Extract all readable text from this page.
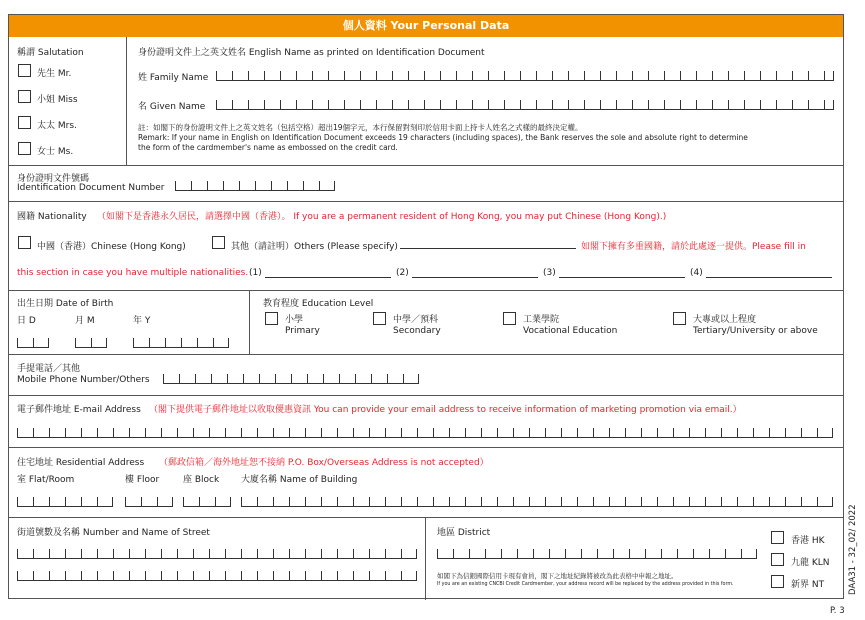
個人資料 Your Personal Data
稱謂 Salutation
先生 Mr.
小姐 Miss
太太 Mrs.
女士 Ms.
身份證明文件上之英文姓名 English Name as printed on Identification Document
姓 Family Name
名 Given Name
註：如閣下的身份證明文件上之英文姓名（包括空格）超出19個字元，本行保留對刻印於信用卡面上持卡人姓名之式樣的最終決定權。
Remark: If your name in English on Identification Document exceeds 19 characters (including spaces), the Bank reserves the sole and absolute right to determine
the form of the cardmember's name as embossed on the credit card.
身份證明文件號碼
Identification Document Number
國籍 Nationality （如閣下是香港永久居民，請選擇中國（香港）。 If you are a permanent resident of Hong Kong, you may put Chinese (Hong Kong).)
中國（香港）Chinese (Hong Kong)	其他（請註明）Others (Please specify)	如閣下擁有多重國籍，請於此處逐一提供。Please fill in
this section in case you have multiple nationalities. (1)	(2)	(3)	(4)
出生日期 Date of Birth
日 D	月 M	年 Y
教育程度 Education Level
小學
Primary
中學／預科
Secondary
工業學院
Vocational Education
大專或以上程度
Tertiary/University or above
手提電話／其他
Mobile Phone Number/Others
電子郵件地址 E-mail Address （閣下提供電子郵件地址以收取優惠資訊 You can provide your email address to receive information of marketing promotion via email.）
住宅地址 Residential Address （郵政信箱／海外地址恕不接納 P.O. Box/Overseas Address is not accepted）
室 Flat/Room	樓 Floor	座 Block 大廈名稱 Name of Building
街道號數及名稱 Number and Name of Street	地區 District
如閣下為信銀國際信用卡現有會員，閣下之地址紀錄將被改為此表格中申報之地址。
If you are an existing CNCBI Credit Cardmember, your address record will be replaced by the address provided in this form.
香港 HK
九龍 KLN
新界 NT	DAA31 - 32_02/ 2022
P. 3
